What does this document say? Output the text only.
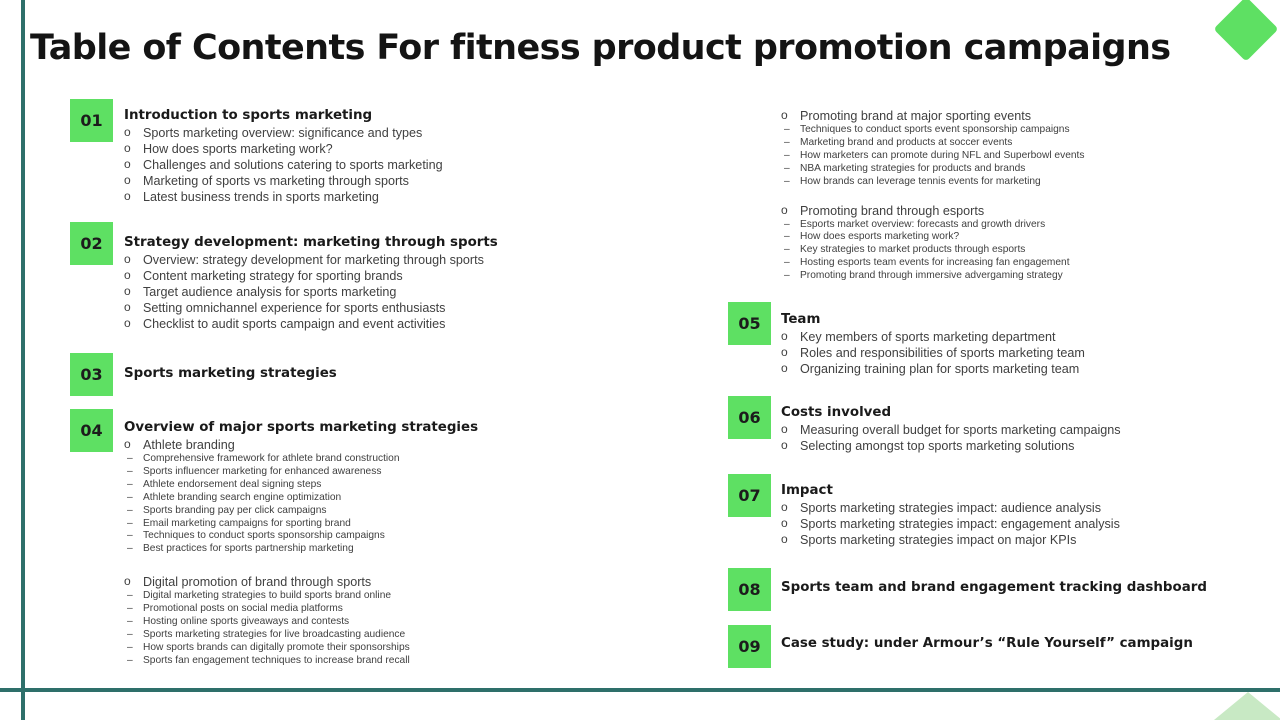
Table of Contents For fitness product promotion campaigns
01	Introduction to sports marketing
o Sports marketing overview: significance and types
o How does sports marketing work?
o Challenges and solutions catering to sports marketing
o Marketing of sports vs marketing through sports
o Latest business trends in sports marketing
02	Strategy development: marketing through sports
o Overview: strategy development for marketing through sports
o Content marketing strategy for sporting brands
o Target audience analysis for sports marketing
o Setting omnichannel experience for sports enthusiasts
o Checklist to audit sports campaign and event activities
03	Sports marketing strategies
04	Overview of major sports marketing strategies
o Athlete branding
– Comprehensive framework for athlete brand construction
– Sports influencer marketing for enhanced awareness
– Athlete endorsement deal signing steps
– Athlete branding search engine optimization
– Sports branding pay per click campaigns
– Email marketing campaigns for sporting brand
– Techniques to conduct sports sponsorship campaigns
– Best practices for sports partnership marketing
o Digital promotion of brand through sports
– Digital marketing strategies to build sports brand online
– Promotional posts on social media platforms
– Hosting online sports giveaways and contests
– Sports marketing strategies for live broadcasting audience
– How sports brands can digitally promote their sponsorships
– Sports fan engagement techniques to increase brand recall
o Promoting brand at major sporting events
– Techniques to conduct sports event sponsorship campaigns
– Marketing brand and products at soccer events
– How marketers can promote during NFL and Superbowl events
– NBA marketing strategies for products and brands
– How brands can leverage tennis events for marketing
o Promoting brand through esports
– Esports market overview: forecasts and growth drivers
– How does esports marketing work?
– Key strategies to market products through esports
– Hosting esports team events for increasing fan engagement
– Promoting brand through immersive advergaming strategy
05	Team
o Key members of sports marketing department
o Roles and responsibilities of sports marketing team
o Organizing training plan for sports marketing team
06	Costs involved
o Measuring overall budget for sports marketing campaigns
o Selecting amongst top sports marketing solutions
07	Impact
o Sports marketing strategies impact: audience analysis
o Sports marketing strategies impact: engagement analysis
o Sports marketing strategies impact on major KPIs
08	Sports team and brand engagement tracking dashboard
09	Case study: under Armour’s “Rule Yourself” campaign
